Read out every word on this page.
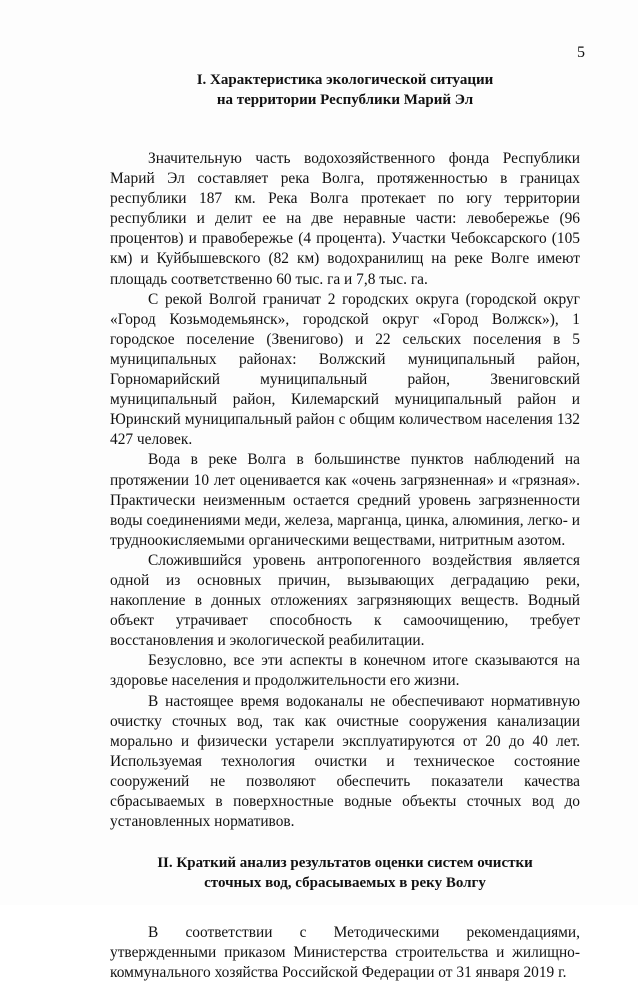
5
I. Характеристика экологической ситуации
на территории Республики Марий Эл

Значительную часть водохозяйственного фонда Республики Марий Эл составляет река Волга, протяженностью в границах республики 187 км. Река Волга протекает по югу территории республики и делит ее на две неравные части: левобережье (96 процентов) и правобережье (4 процента). Участки Чебоксарского (105 км) и Куйбышевского (82 км) водохранилищ на реке Волге имеют площадь соответственно 60 тыс. га и 7,8 тыс. га.

С рекой Волгой граничат 2 городских округа (городской округ «Город Козьмодемьянск», городской округ «Город Волжск»), 1 городское поселение (Звенигово) и 22 сельских поселения в 5 муниципальных районах: Волжский муниципальный район, Горномарийский муниципальный район, Звениговский муниципальный район, Килемарский муниципальный район и Юринский муниципальный район с общим количеством населения 132 427 человек.

Вода в реке Волга в большинстве пунктов наблюдений на протяжении 10 лет оценивается как «очень загрязненная» и «грязная». Практически неизменным остается средний уровень загрязненности воды соединениями меди, железа, марганца, цинка, алюминия, легко- и трудноокисляемыми органическими веществами, нитритным азотом.

Сложившийся уровень антропогенного воздействия является одной из основных причин, вызывающих деградацию реки, накопление в донных отложениях загрязняющих веществ. Водный объект утрачивает способность к самоочищению, требует восстановления и экологической реабилитации.

Безусловно, все эти аспекты в конечном итоге сказываются на здоровье населения и продолжительности его жизни.

В настоящее время водоканалы не обеспечивают нормативную очистку сточных вод, так как очистные сооружения канализации морально и физически устарели эксплуатируются от 20 до 40 лет. Используемая технология очистки и техническое состояние сооружений не позволяют обеспечить показатели качества сбрасываемых в поверхностные водные объекты сточных вод до установленных нормативов.

II. Краткий анализ результатов оценки систем очистки
сточных вод, сбрасываемых в реку Волгу

В соответствии с Методическими рекомендациями, утвержденными приказом Министерства строительства и жилищно-коммунального хозяйства Российской Федерации от 31 января 2019 г.
